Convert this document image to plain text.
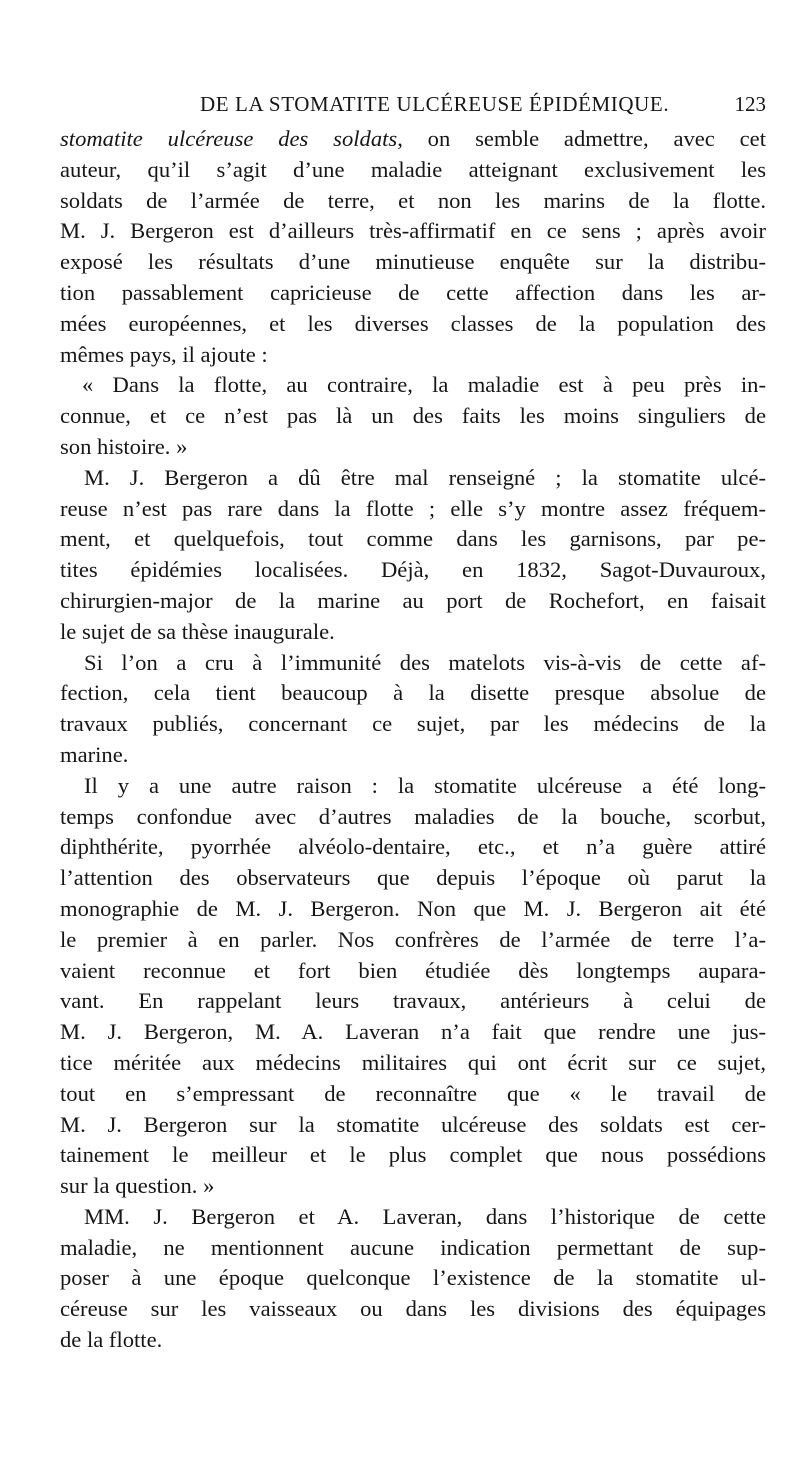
DE LA STOMATITE ULCÉREUSE ÉPIDÉMIQUE.	123
stomatite ulcéreuse des soldats, on semble admettre, avec cet
auteur, qu’il s’agit d’une maladie atteignant exclusivement les
soldats de l’armée de terre, et non les marins de la flotte.
M. J. Bergeron est d’ailleurs très-affirmatif en ce sens ; après avoir
exposé les résultats d’une minutieuse enquête sur la distribu-
tion passablement capricieuse de cette affection dans les ar-
mées européennes, et les diverses classes de la population des
mêmes pays, il ajoute :
« Dans la flotte, au contraire, la maladie est à peu près in-
connue, et ce n’est pas là un des faits les moins singuliers de
son histoire. »
M. J. Bergeron a dû être mal renseigné ; la stomatite ulcé-
reuse n’est pas rare dans la flotte ; elle s’y montre assez fréquem-
ment, et quelquefois, tout comme dans les garnisons, par pe-
tites épidémies localisées. Déjà, en 1832, Sagot-Duvauroux,
chirurgien-major de la marine au port de Rochefort, en faisait
le sujet de sa thèse inaugurale.
Si l’on a cru à l’immunité des matelots vis-à-vis de cette af-
fection, cela tient beaucoup à la disette presque absolue de
travaux publiés, concernant ce sujet, par les médecins de la
marine.
Il y a une autre raison : la stomatite ulcéreuse a été long-
temps confondue avec d’autres maladies de la bouche, scorbut,
diphthérite, pyorrhée alvéolo-dentaire, etc., et n’a guère attiré
l’attention des observateurs que depuis l’époque où parut la
monographie de M. J. Bergeron. Non que M. J. Bergeron ait été
le premier à en parler. Nos confrères de l’armée de terre l’a-
vaient reconnue et fort bien étudiée dès longtemps aupara-
vant. En rappelant leurs travaux, antérieurs à celui de
M. J. Bergeron, M. A. Laveran n’a fait que rendre une jus-
tice méritée aux médecins militaires qui ont écrit sur ce sujet,
tout en s’empressant de reconnaître que « le travail de
M. J. Bergeron sur la stomatite ulcéreuse des soldats est cer-
tainement le meilleur et le plus complet que nous possédions
sur la question. »
MM. J. Bergeron et A. Laveran, dans l’historique de cette
maladie, ne mentionnent aucune indication permettant de sup-
poser à une époque quelconque l’existence de la stomatite ul-
céreuse sur les vaisseaux ou dans les divisions des équipages
de la flotte.
